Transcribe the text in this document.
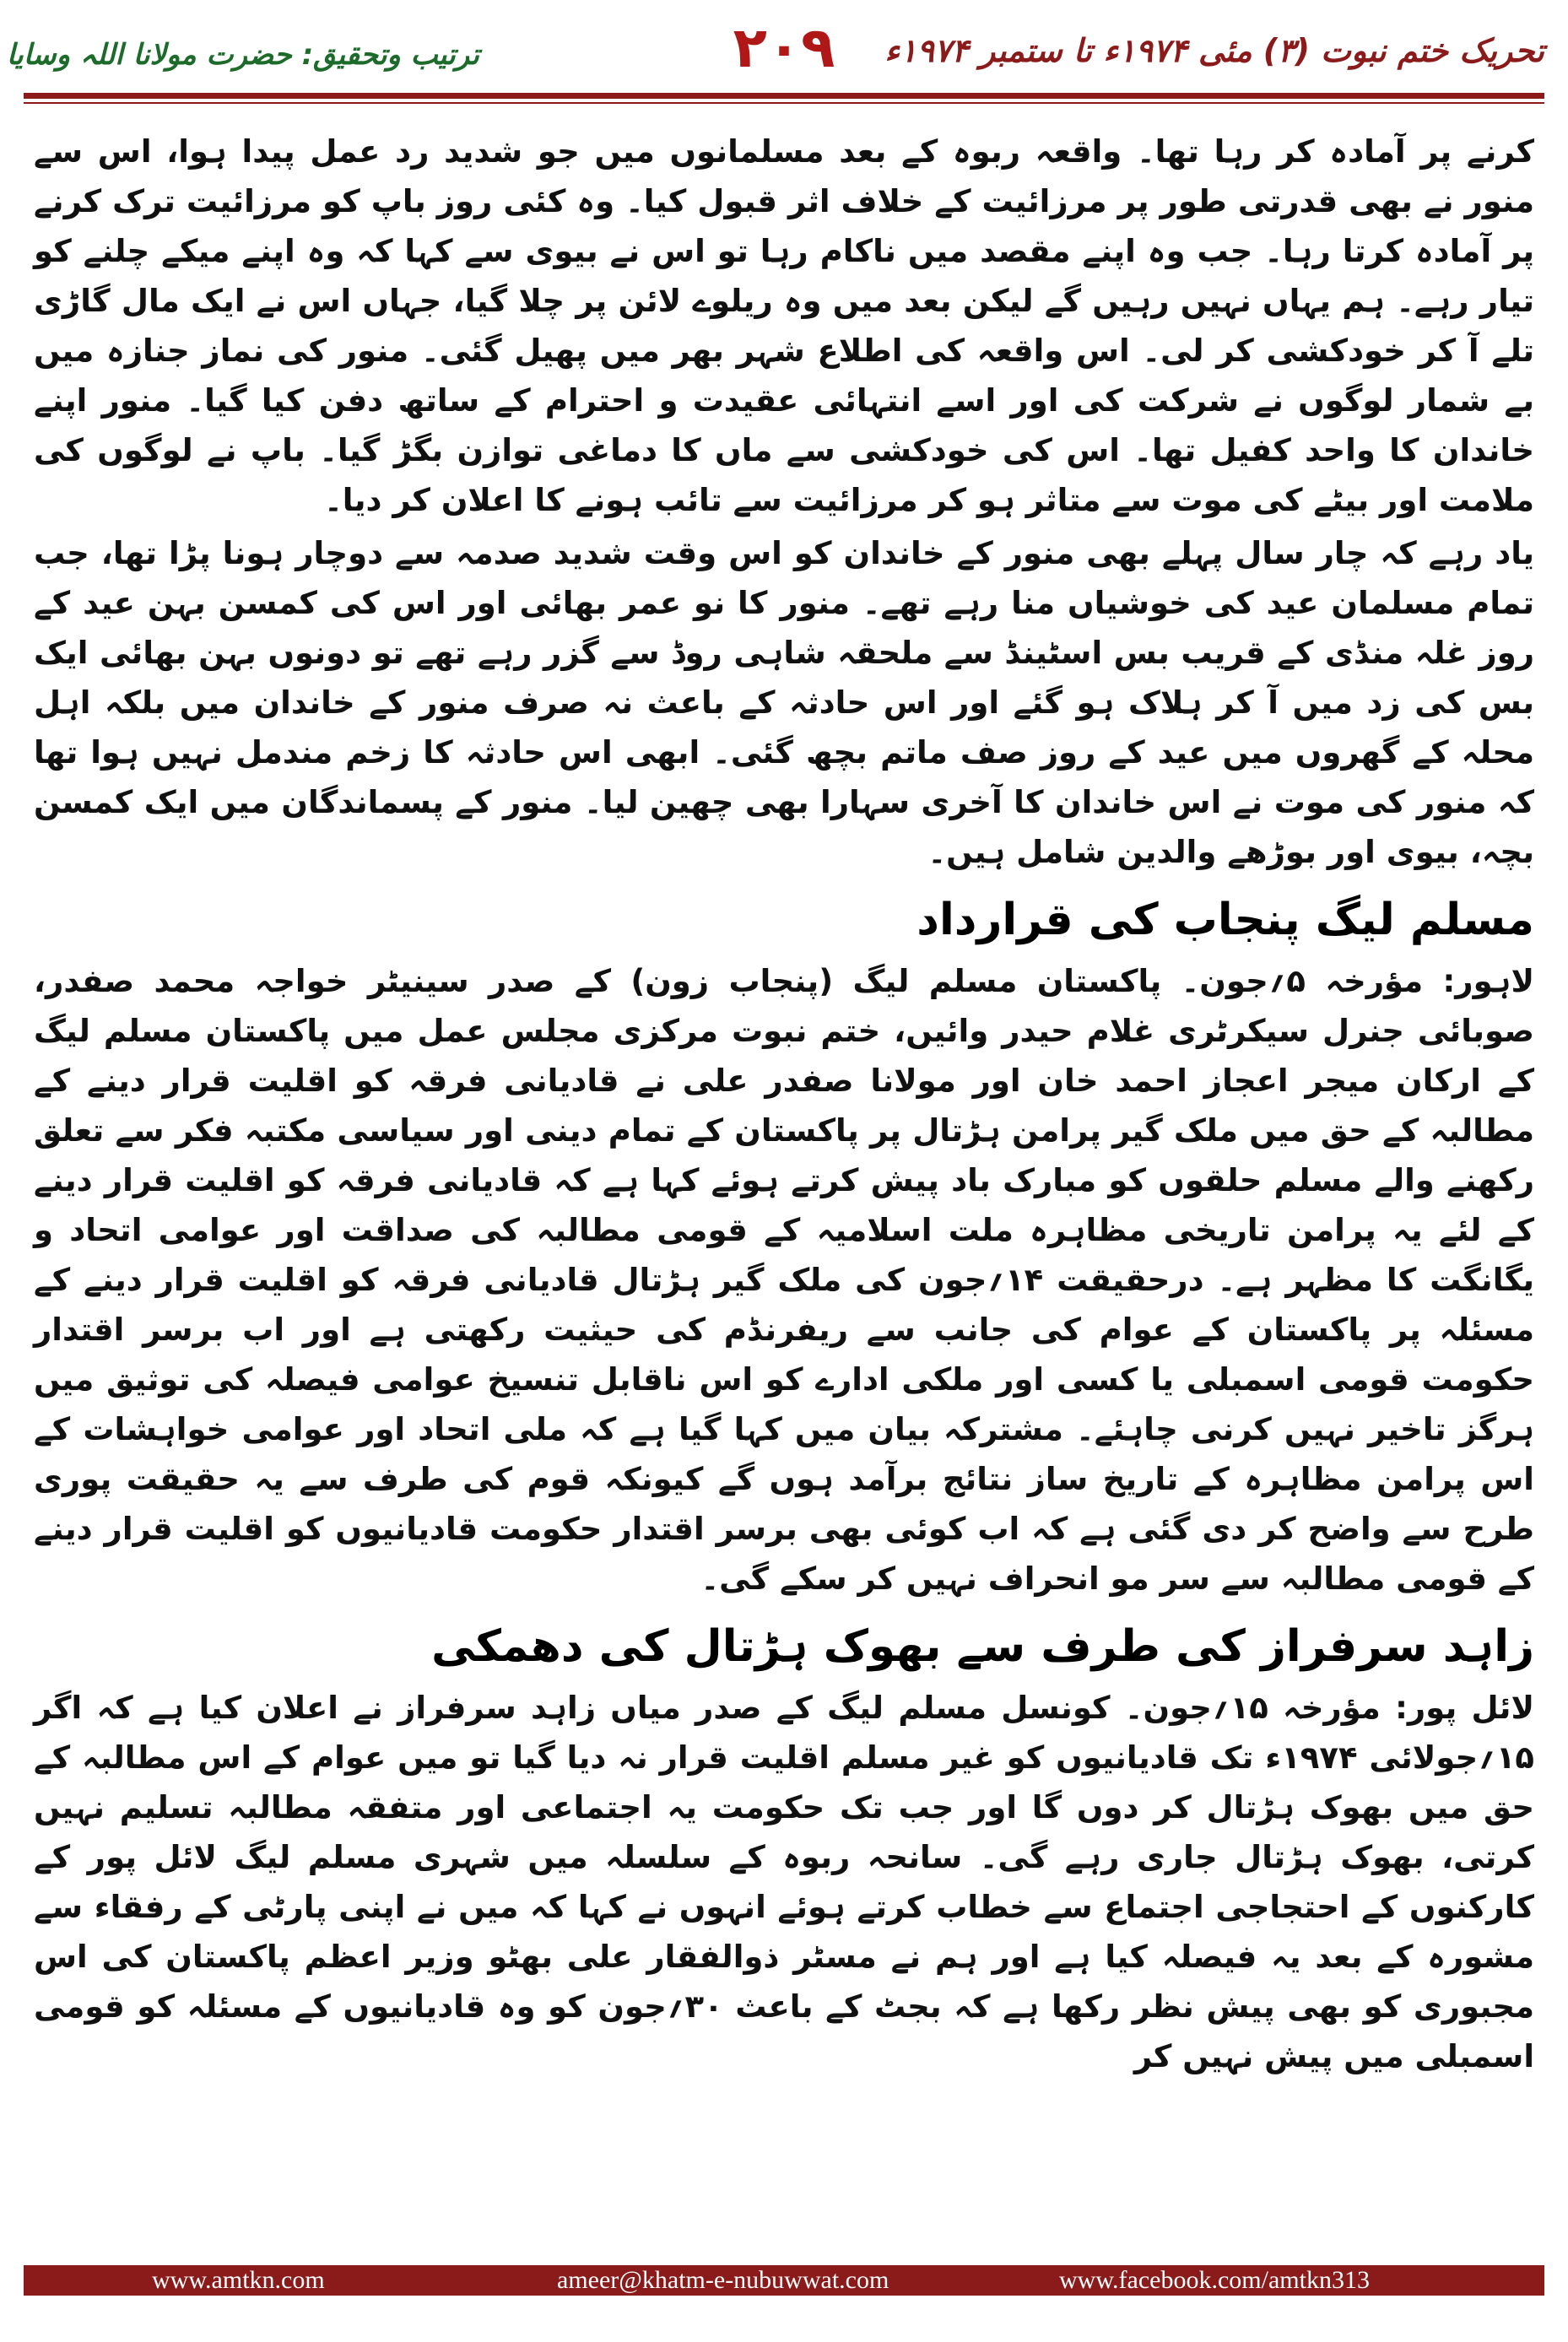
تحریک ختم نبوت (۳) مئی ۱۹۷۴ء تا ستمبر ۱۹۷۴ء
۲۰۹
ترتیب وتحقیق: حضرت مولانا اللہ وسایا

کرنے پر آمادہ کر رہا تھا۔ واقعہ ربوہ کے بعد مسلمانوں میں جو شدید رد عمل پیدا ہوا، اس سے منور نے بھی قدرتی طور پر مرزائیت کے خلاف اثر قبول کیا۔ وہ کئی روز باپ کو مرزائیت ترک کرنے پر آمادہ کرتا رہا۔ جب وہ اپنے مقصد میں ناکام رہا تو اس نے بیوی سے کہا کہ وہ اپنے میکے چلنے کو تیار رہے۔ ہم یہاں نہیں رہیں گے لیکن بعد میں وہ ریلوے لائن پر چلا گیا، جہاں اس نے ایک مال گاڑی تلے آ کر خودکشی کر لی۔ اس واقعہ کی اطلاع شہر بھر میں پھیل گئی۔ منور کی نماز جنازہ میں بے شمار لوگوں نے شرکت کی اور اسے انتہائی عقیدت و احترام کے ساتھ دفن کیا گیا۔ منور اپنے خاندان کا واحد کفیل تھا۔ اس کی خودکشی سے ماں کا دماغی توازن بگڑ گیا۔ باپ نے لوگوں کی ملامت اور بیٹے کی موت سے متاثر ہو کر مرزائیت سے تائب ہونے کا اعلان کر دیا۔

یاد رہے کہ چار سال پہلے بھی منور کے خاندان کو اس وقت شدید صدمہ سے دوچار ہونا پڑا تھا، جب تمام مسلمان عید کی خوشیاں منا رہے تھے۔ منور کا نو عمر بھائی اور اس کی کمسن بہن عید کے روز غلہ منڈی کے قریب بس اسٹینڈ سے ملحقہ شاہی روڈ سے گزر رہے تھے تو دونوں بہن بھائی ایک بس کی زد میں آ کر ہلاک ہو گئے اور اس حادثہ کے باعث نہ صرف منور کے خاندان میں بلکہ اہل محلہ کے گھروں میں عید کے روز صف ماتم بچھ گئی۔ ابھی اس حادثہ کا زخم مندمل نہیں ہوا تھا کہ منور کی موت نے اس خاندان کا آخری سہارا بھی چھین لیا۔ منور کے پسماندگان میں ایک کمسن بچہ، بیوی اور بوڑھے والدین شامل ہیں۔

مسلم لیگ پنجاب کی قرارداد

لاہور: مؤرخہ ۵؍جون۔ پاکستان مسلم لیگ (پنجاب زون) کے صدر سینیٹر خواجہ محمد صفدر، صوبائی جنرل سیکرٹری غلام حیدر وائیں، ختم نبوت مرکزی مجلس عمل میں پاکستان مسلم لیگ کے ارکان میجر اعجاز احمد خان اور مولانا صفدر علی نے قادیانی فرقہ کو اقلیت قرار دینے کے مطالبہ کے حق میں ملک گیر پرامن ہڑتال پر پاکستان کے تمام دینی اور سیاسی مکتبہ فکر سے تعلق رکھنے والے مسلم حلقوں کو مبارک باد پیش کرتے ہوئے کہا ہے کہ قادیانی فرقہ کو اقلیت قرار دینے کے لئے یہ پرامن تاریخی مظاہرہ ملت اسلامیہ کے قومی مطالبہ کی صداقت اور عوامی اتحاد و یگانگت کا مظہر ہے۔ درحقیقت ۱۴؍جون کی ملک گیر ہڑتال قادیانی فرقہ کو اقلیت قرار دینے کے مسئلہ پر پاکستان کے عوام کی جانب سے ریفرنڈم کی حیثیت رکھتی ہے اور اب برسر اقتدار حکومت قومی اسمبلی یا کسی اور ملکی ادارے کو اس ناقابل تنسیخ عوامی فیصلہ کی توثیق میں ہرگز تاخیر نہیں کرنی چاہئے۔ مشترکہ بیان میں کہا گیا ہے کہ ملی اتحاد اور عوامی خواہشات کے اس پرامن مظاہرہ کے تاریخ ساز نتائج برآمد ہوں گے کیونکہ قوم کی طرف سے یہ حقیقت پوری طرح سے واضح کر دی گئی ہے کہ اب کوئی بھی برسر اقتدار حکومت قادیانیوں کو اقلیت قرار دینے کے قومی مطالبہ سے سر مو انحراف نہیں کر سکے گی۔

زاہد سرفراز کی طرف سے بھوک ہڑتال کی دھمکی

لائل پور: مؤرخہ ۱۵؍جون۔ کونسل مسلم لیگ کے صدر میاں زاہد سرفراز نے اعلان کیا ہے کہ اگر ۱۵؍جولائی ۱۹۷۴ء تک قادیانیوں کو غیر مسلم اقلیت قرار نہ دیا گیا تو میں عوام کے اس مطالبہ کے حق میں بھوک ہڑتال کر دوں گا اور جب تک حکومت یہ اجتماعی اور متفقہ مطالبہ تسلیم نہیں کرتی، بھوک ہڑتال جاری رہے گی۔ سانحہ ربوہ کے سلسلہ میں شہری مسلم لیگ لائل پور کے کارکنوں کے احتجاجی اجتماع سے خطاب کرتے ہوئے انہوں نے کہا کہ میں نے اپنی پارٹی کے رفقاء سے مشورہ کے بعد یہ فیصلہ کیا ہے اور ہم نے مسٹر ذوالفقار علی بھٹو وزیر اعظم پاکستان کی اس مجبوری کو بھی پیش نظر رکھا ہے کہ بجٹ کے باعث ۳۰؍جون کو وہ قادیانیوں کے مسئلہ کو قومی اسمبلی میں پیش نہیں کر

www.amtkn.com	ameer@khatm-e-nubuwwat.com	www.facebook.com/amtkn313
